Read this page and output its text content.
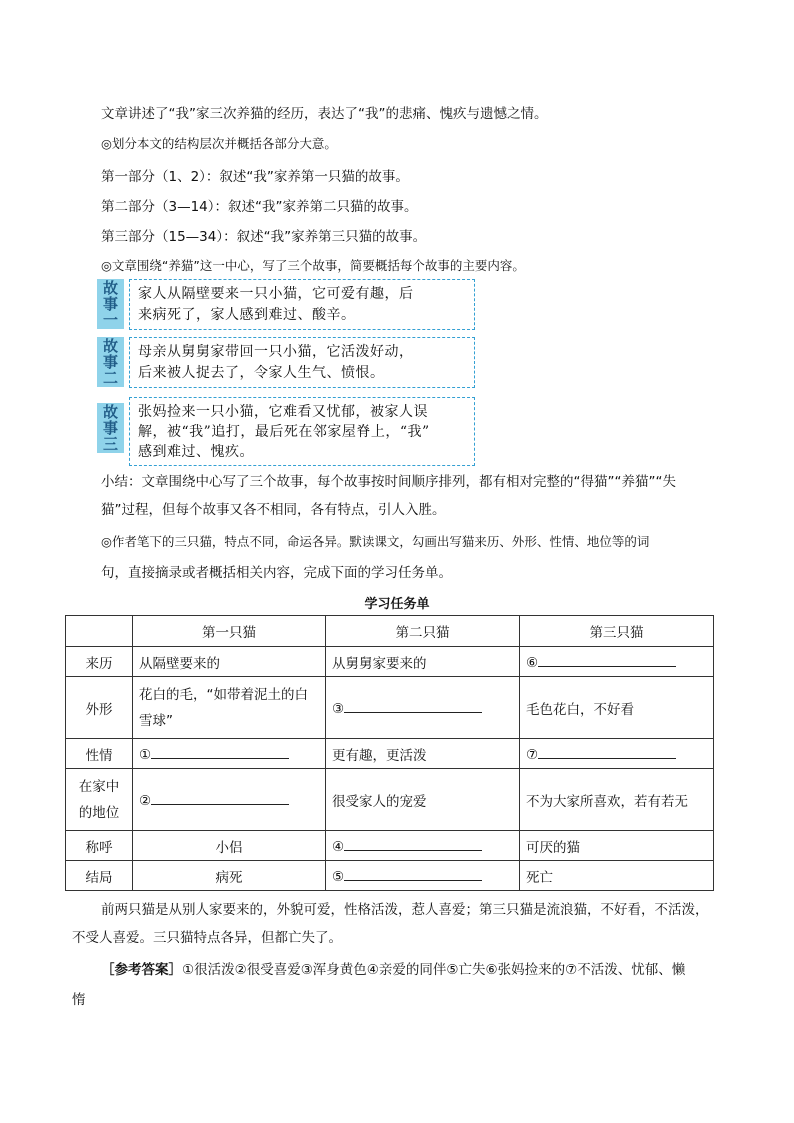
文章讲述了“我”家三次养猫的经历，表达了“我”的悲痛、愧疚与遗憾之情。
◎划分本文的结构层次并概括各部分大意。
第一部分（1、2）：叙述“我”家养第一只猫的故事。
第二部分（3—14）：叙述“我”家养第二只猫的故事。
第三部分（15—34）：叙述“我”家养第三只猫的故事。
◎文章围绕“养猫”这一中心，写了三个故事，简要概括每个故事的主要内容。
故
事
一
家人从隔壁要来一只小猫，它可爱有趣，后
来病死了，家人感到难过、酸辛。
故
事
二
母亲从舅舅家带回一只小猫，它活泼好动，
后来被人捉去了，令家人生气、愤恨。
故
事
三
张妈捡来一只小猫，它难看又忧郁，被家人误
解，被“我”追打，最后死在邻家屋脊上，“我”
感到难过、愧疚。
小结：文章围绕中心写了三个故事，每个故事按时间顺序排列，都有相对完整的“得猫”“养猫”“失
猫”过程，但每个故事又各不相同，各有特点，引人入胜。
◎作者笔下的三只猫，特点不同，命运各异。默读课文，勾画出写猫来历、外形、性情、地位等的词
句，直接摘录或者概括相关内容，完成下面的学习任务单。
学习任务单
	第一只猫	第二只猫	第三只猫
来历	从隔壁要来的	从舅舅家要来的	⑥
外形	花白的毛，“如带着泥土的白
雪球”	③	毛色花白，不好看
性情	①	更有趣，更活泼	⑦

在家中
的地位	②	很受家人的宠爱	不为大家所喜欢，若有若无
称呼	小侣	④	可厌的猫
结局	病死	⑤	死亡
前两只猫是从别人家要来的，外貌可爱，性格活泼，惹人喜爱；第三只猫是流浪猫，不好看，不活泼，
不受人喜爱。三只猫特点各异，但都亡失了。
［参考答案］①很活泼②很受喜爱③浑身黄色④亲爱的同伴⑤亡失⑥张妈捡来的⑦不活泼、忧郁、懒
惰
